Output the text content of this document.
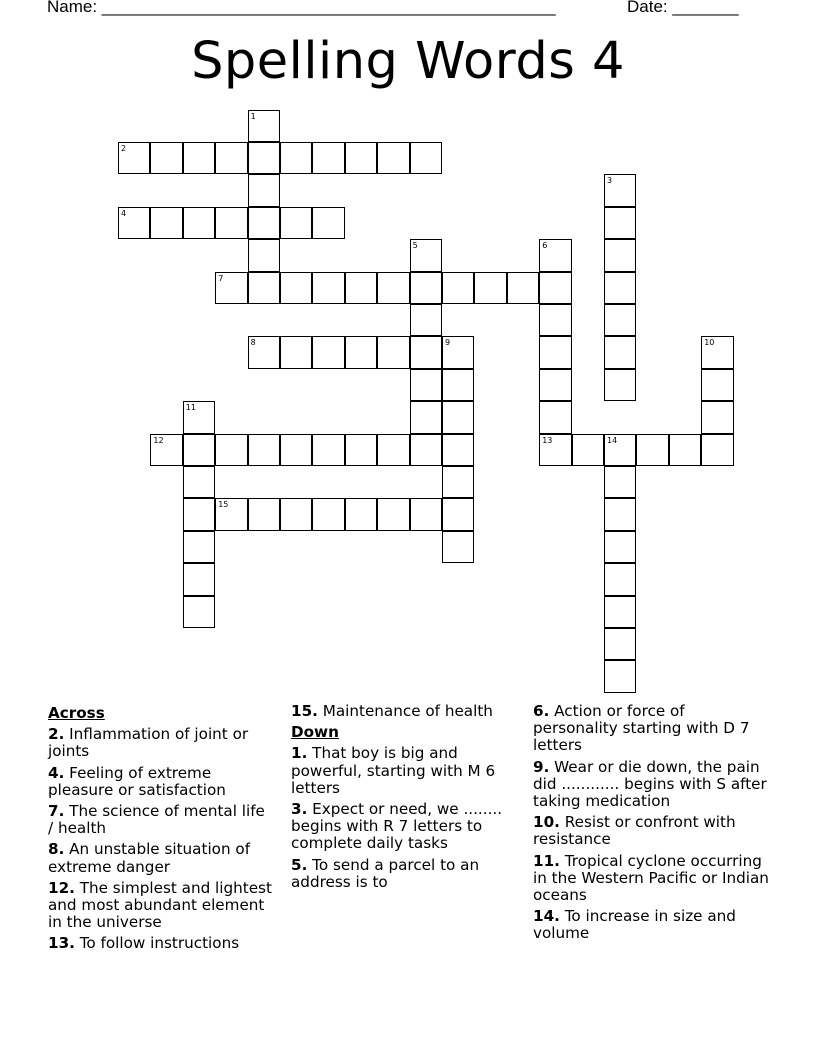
Name: ________________________________________________	Date: _______
Spelling Words 4
2
1
4
7
5	6
13
3
8	9
11
12
10
14
15
Across
2. Inflammation of joint or joints
4. Feeling of extreme pleasure or satisfaction
7. The science of mental life / health
8. An unstable situation of extreme danger
12. The simplest and lightest and most abundant element in the universe
13. To follow instructions
15. Maintenance of health
Down
1. That boy is big and powerful, starting with M 6 letters
3. Expect or need, we ........ begins with R 7 letters to complete daily tasks
5. To send a parcel to an address is to
6. Action or force of personality starting with D 7 letters
9. Wear or die down, the pain did ............ begins with S after taking medication
10. Resist or confront with resistance
11. Tropical cyclone occurring in the Western Pacific or Indian oceans
14. To increase in size and volume
